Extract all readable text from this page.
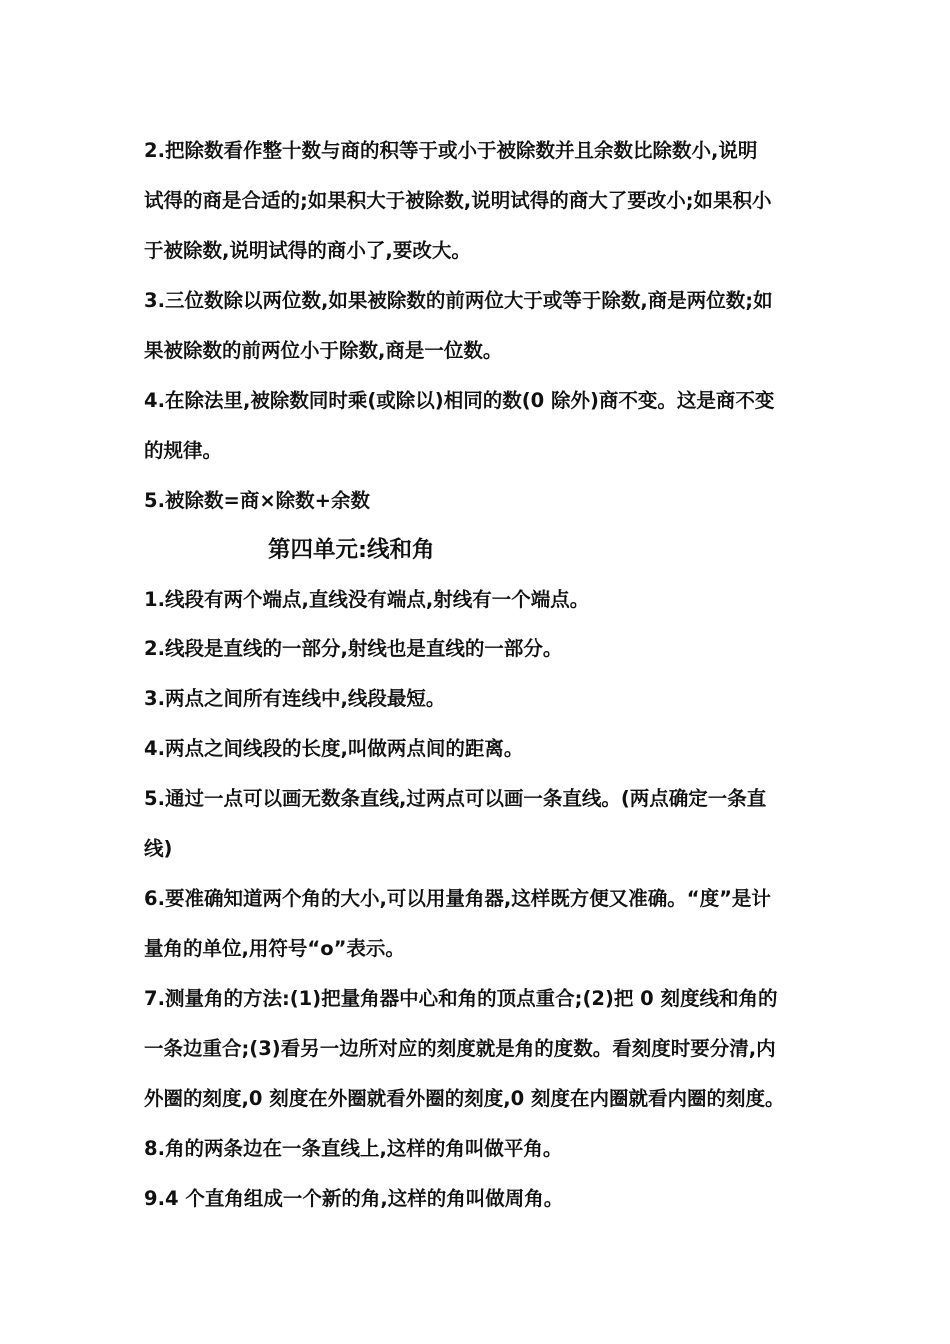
2.把除数看作整十数与商的积等于或小于被除数并且余数比除数小,说明
试得的商是合适的;如果积大于被除数,说明试得的商大了要改小;如果积小
于被除数,说明试得的商小了,要改大。
3.三位数除以两位数,如果被除数的前两位大于或等于除数,商是两位数;如
果被除数的前两位小于除数,商是一位数。
4.在除法里,被除数同时乘(或除以)相同的数(0 除外)商不变。这是商不变
的规律。
5.被除数=商×除数+余数
第四单元:线和角
1.线段有两个端点,直线没有端点,射线有一个端点。
2.线段是直线的一部分,射线也是直线的一部分。
3.两点之间所有连线中,线段最短。
4.两点之间线段的长度,叫做两点间的距离。
5.通过一点可以画无数条直线,过两点可以画一条直线。(两点确定一条直
线)
6.要准确知道两个角的大小,可以用量角器,这样既方便又准确。“度”是计
量角的单位,用符号“o”表示。
7.测量角的方法:(1)把量角器中心和角的顶点重合;(2)把 0 刻度线和角的
一条边重合;(3)看另一边所对应的刻度就是角的度数。看刻度时要分清,内
外圈的刻度,0 刻度在外圈就看外圈的刻度,0 刻度在内圈就看内圈的刻度。
8.角的两条边在一条直线上,这样的角叫做平角。
9.4 个直角组成一个新的角,这样的角叫做周角。
